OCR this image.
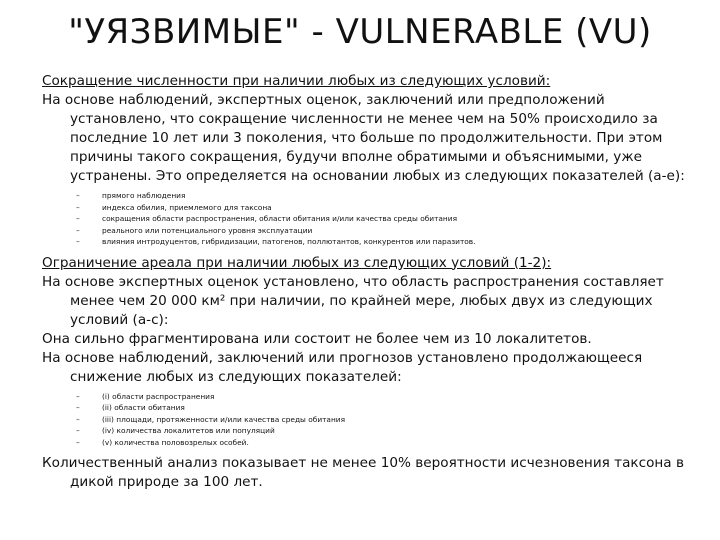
"УЯЗВИМЫЕ" - VULNERABLE (VU)
Сокращение численности при наличии любых из следующих условий:
На основе наблюдений, экспертных оценок, заключений или предположений установлено, что сокращение численности не менее чем на 50% происходило за последние 10 лет или 3 поколения, что больше по продолжительности. При этом причины такого сокращения, будучи вполне обратимыми и объяснимыми, уже устранены. Это определяется на основании любых из следующих показателей (а-е):
–	прямого наблюдения
–	индекса обилия, приемлемого для таксона
–	сокращения области распространения, области обитания и/или качества среды обитания
–	реального или потенциального уровня эксплуатации
–	влияния интродуцентов, гибридизации, патогенов, поллютантов, конкурентов или паразитов.
Ограничение ареала при наличии любых из следующих условий (1-2):
На основе экспертных оценок установлено, что область распространения составляет менее чем 20 000 км² при наличии, по крайней мере, любых двух из следующих условий (а-с):
Она сильно фрагментирована или состоит не более чем из 10 локалитетов.
На основе наблюдений, заключений или прогнозов установлено продолжающееся снижение любых из следующих показателей:
–	(i) области распространения
–	(ii) области обитания
–	(iii) площади, протяженности и/или качества среды обитания
–	(iv) количества локалитетов или популяций
–	(v) количества половозрелых особей.
Количественный анализ показывает не менее 10% вероятности исчезновения таксона в дикой природе за 100 лет.
